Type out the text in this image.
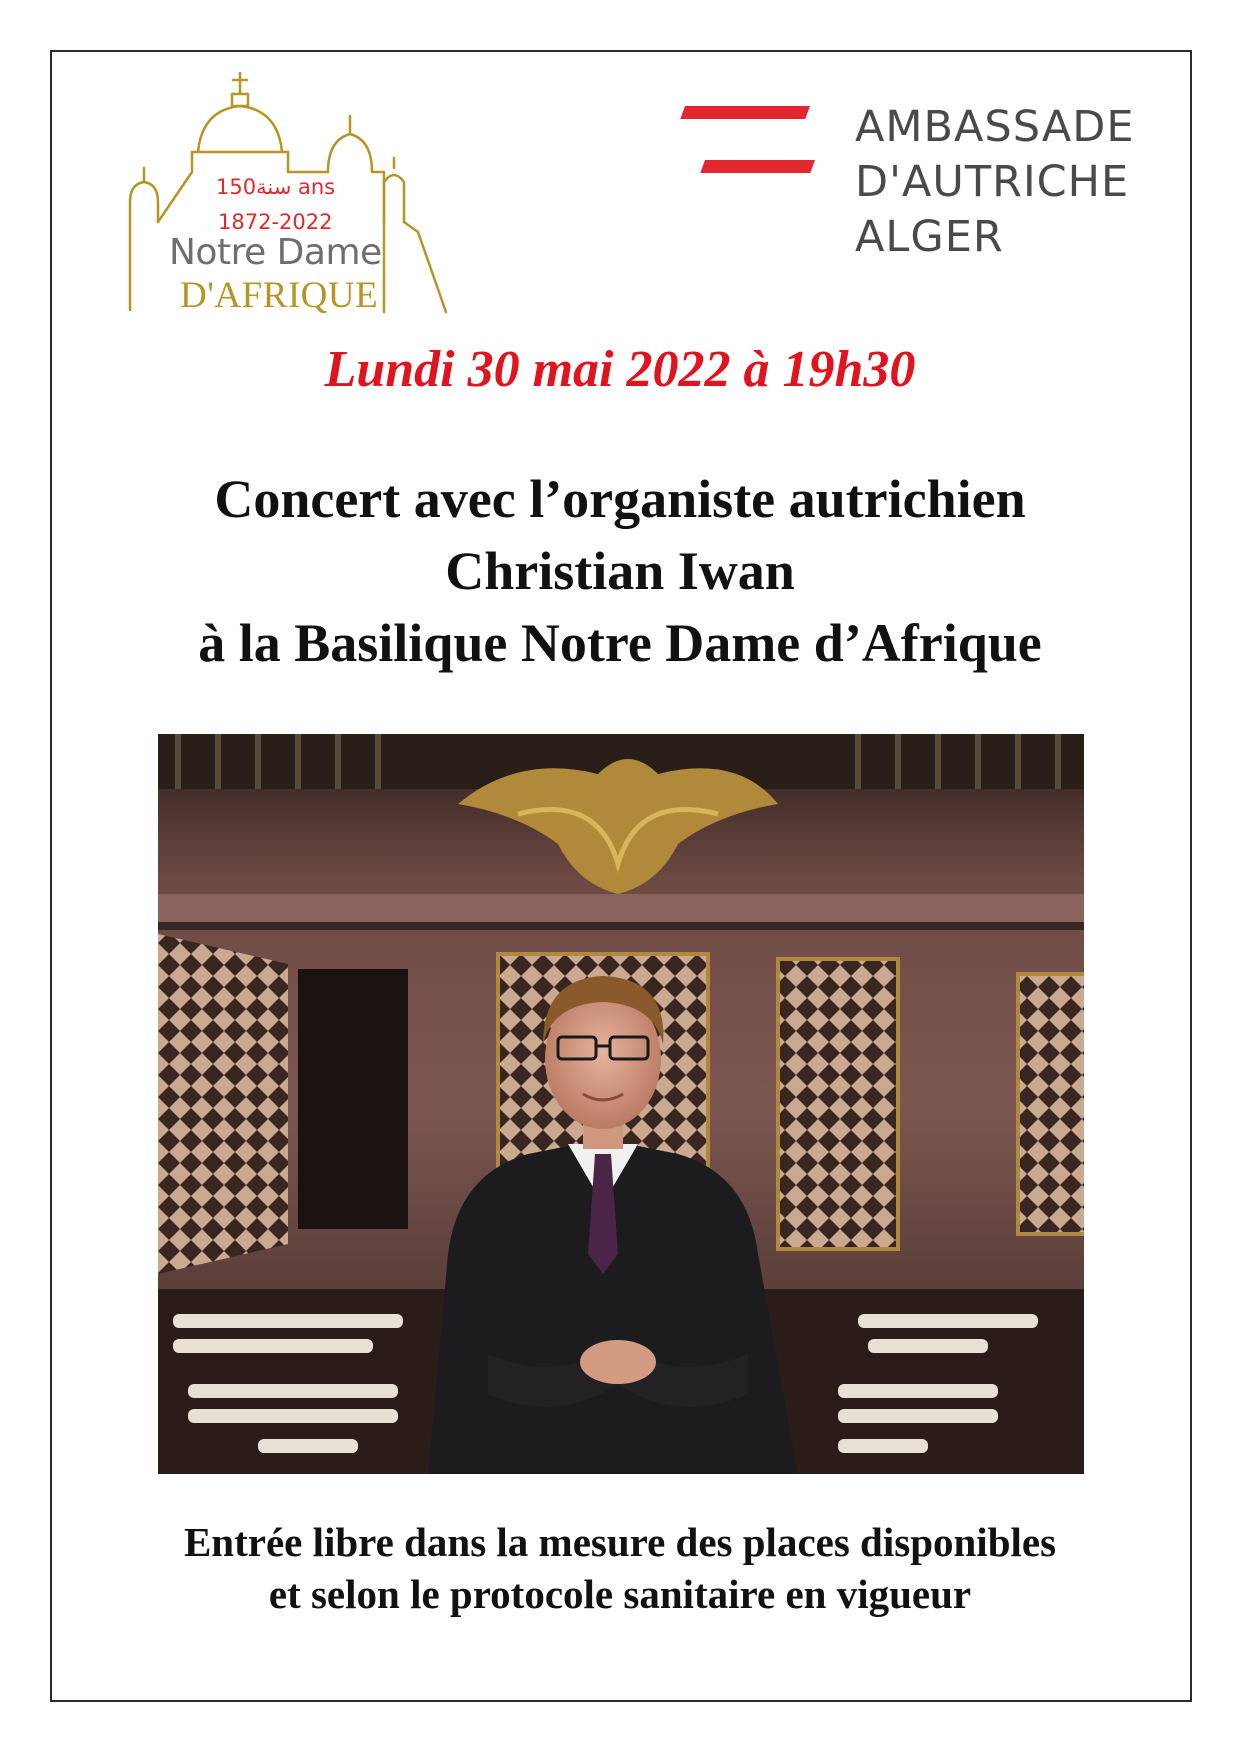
سنة150 ans
1872-2022
Notre Dame
D'AFRIQUE
AMBASSADE
D'AUTRICHE
ALGER
Lundi 30 mai 2022 à 19h30
Concert avec l’organiste autrichien
Christian Iwan
à la Basilique Notre Dame d’Afrique
Entrée libre dans la mesure des places disponibles
et selon le protocole sanitaire en vigueur
